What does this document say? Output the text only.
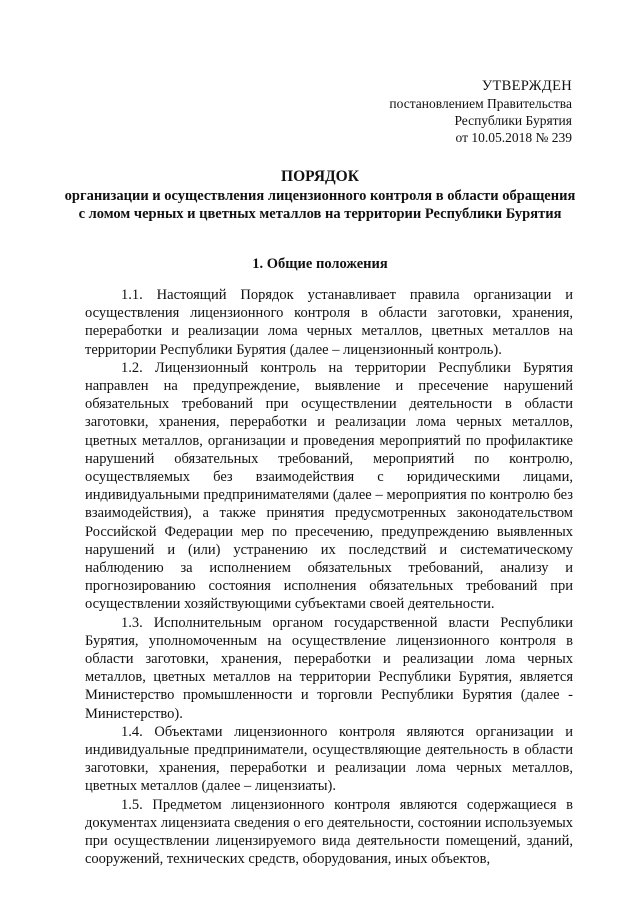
УТВЕРЖДЕН
постановлением Правительства
Республики Бурятия
от 10.05.2018 № 239
ПОРЯДОК
организации и осуществления лицензионного контроля в области обращения с ломом черных и цветных металлов на территории Республики Бурятия
1. Общие положения

1.1. Настоящий Порядок устанавливает правила организации и осуществления лицензионного контроля в области заготовки, хранения, переработки и реализации лома черных металлов, цветных металлов на территории Республики Бурятия (далее – лицензионный контроль).

1.2. Лицензионный контроль на территории Республики Бурятия направлен на предупреждение, выявление и пресечение нарушений обязательных требований при осуществлении деятельности в области заготовки, хранения, переработки и реализации лома черных металлов, цветных металлов, организации и проведения мероприятий по профилактике нарушений обязательных требований, мероприятий по контролю, осуществляемых без взаимодействия с юридическими лицами, индивидуальными предпринимателями (далее – мероприятия по контролю без взаимодействия), а также принятия предусмотренных законодательством Российской Федерации мер по пресечению, предупреждению выявленных нарушений и (или) устранению их последствий и систематическому наблюдению за исполнением обязательных требований, анализу и прогнозированию состояния исполнения обязательных требований при осуществлении хозяйствующими субъектами своей деятельности.

1.3. Исполнительным органом государственной власти Республики Бурятия, уполномоченным на осуществление лицензионного контроля в области заготовки, хранения, переработки и реализации лома черных металлов, цветных металлов на территории Республики Бурятия, является Министерство промышленности и торговли Республики Бурятия (далее - Министерство).

1.4. Объектами лицензионного контроля являются организации и индивидуальные предприниматели, осуществляющие деятельность в области заготовки, хранения, переработки и реализации лома черных металлов, цветных металлов (далее – лицензиаты).

1.5. Предметом лицензионного контроля являются содержащиеся в документах лицензиата сведения о его деятельности, состоянии используемых при осуществлении лицензируемого вида деятельности помещений, зданий, сооружений, технических средств, оборудования, иных объектов,
